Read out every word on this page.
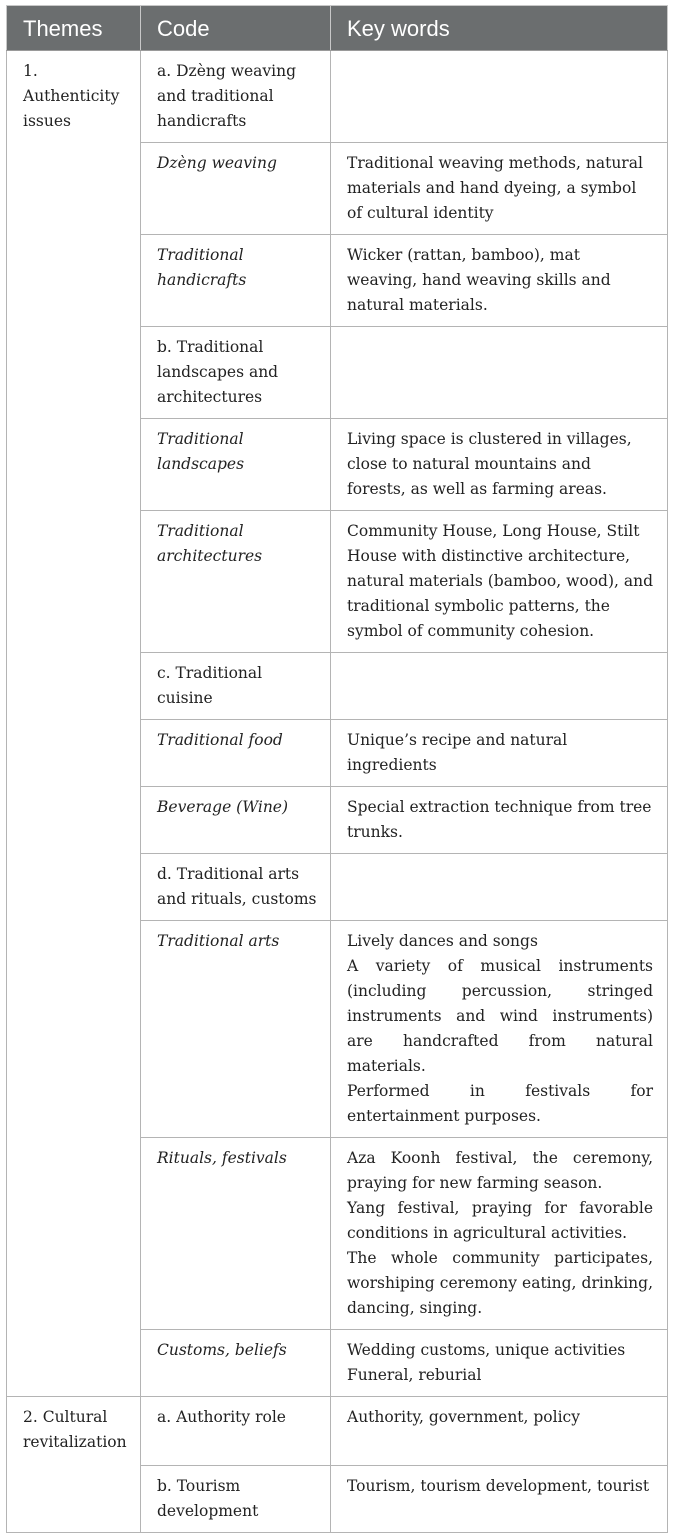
Themes	Code	Key words
1. Authenticity issues	a. Dzèng weaving and traditional handicrafts	
	Dzèng weaving	Traditional weaving methods, natural materials and hand dyeing, a symbol of cultural identity

	Traditional handicrafts	Wicker (rattan, bamboo), mat weaving, hand weaving skills and natural materials.

	b. Traditional landscapes and architectures	
	Traditional landscapes	Living space is clustered in villages, close to natural mountains and forests, as well as farming areas.

	Traditional architectures	Community House, Long House, Stilt House with distinctive architecture, natural materials (bamboo, wood), and traditional symbolic patterns, the symbol of community cohesion.

	c. Traditional cuisine	
	Traditional food	Unique’s recipe and natural ingredients

	Beverage (Wine)	Special extraction technique from tree trunks.

	d. Traditional arts and rituals, customs	
	Traditional arts	Lively dances and songs
A variety of musical instruments (including percussion, stringed instruments and wind instruments) are handcrafted from natural materials.
Performed in festivals for entertainment purposes.

	Rituals, festivals	Aza Koonh festival, the ceremony, praying for new farming season.
Yang festival, praying for favorable conditions in agricultural activities.
The whole community participates, worshiping ceremony eating, drinking, dancing, singing.

	Customs, beliefs	Wedding customs, unique activities
Funeral, reburial

2. Cultural revitalization	a. Authority role	Authority, government, policy

	b. Tourism development	Tourism, tourism development, tourist
